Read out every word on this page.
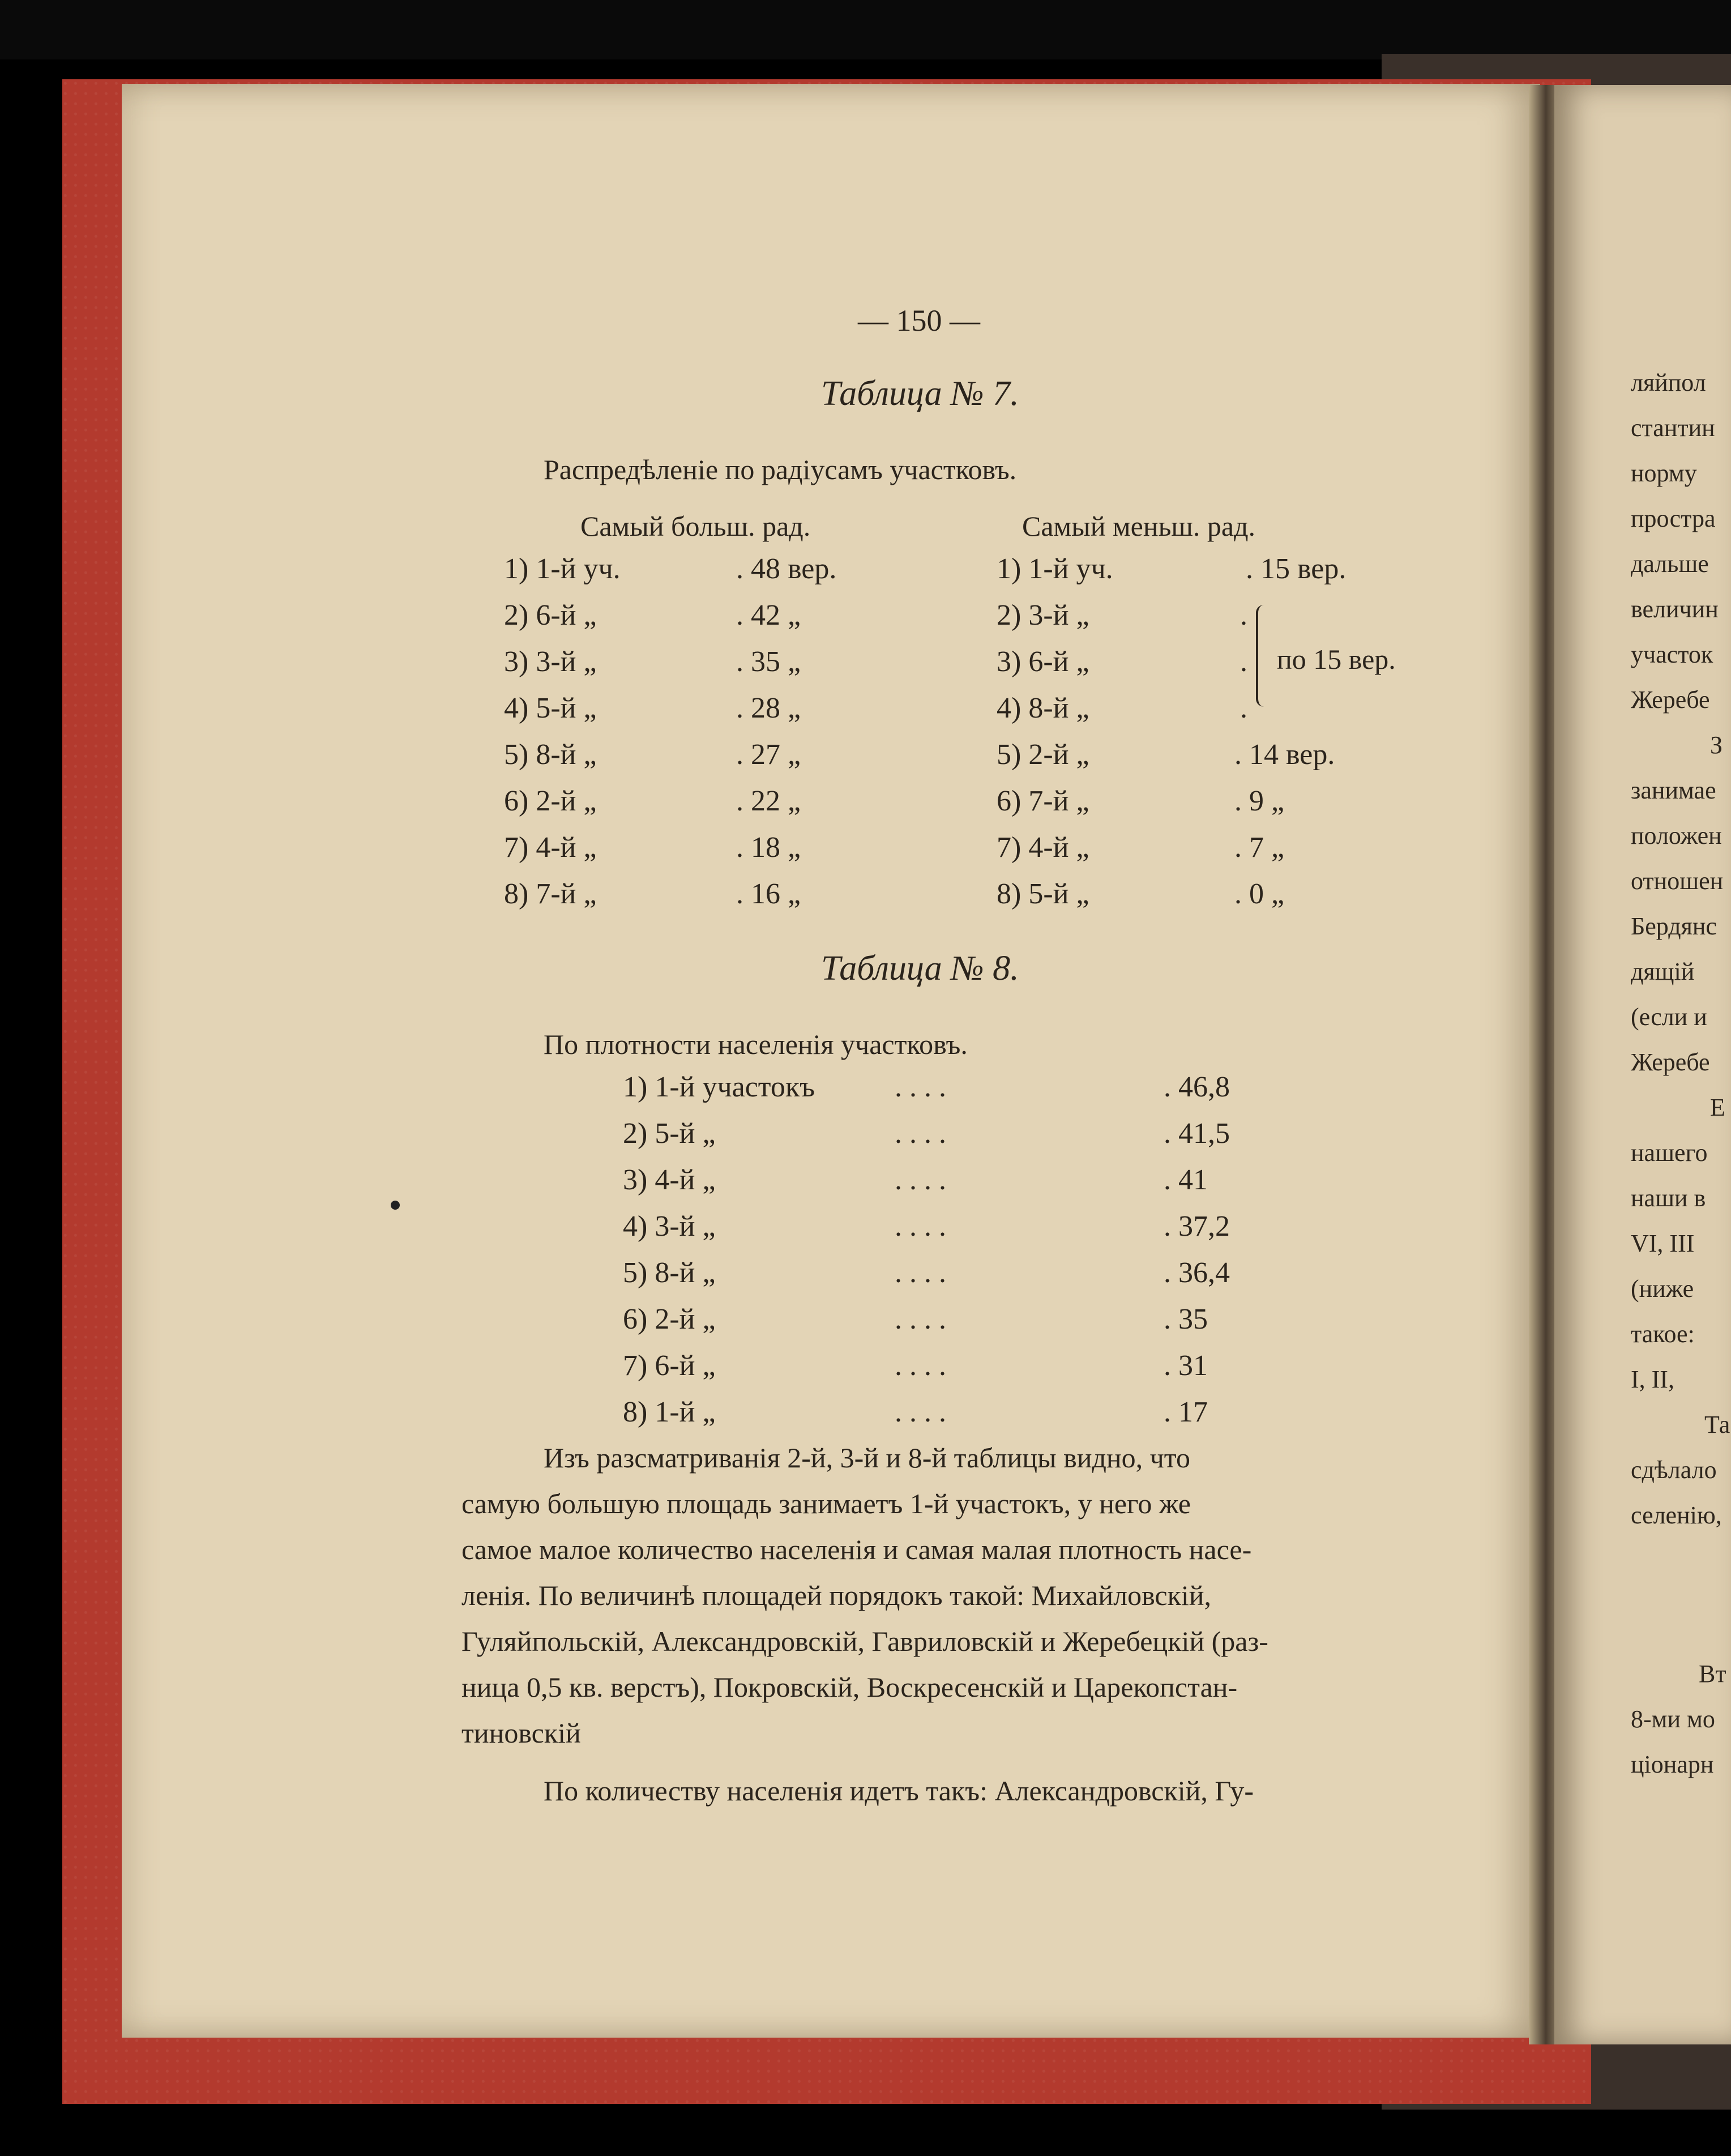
— 150 —
Таблица № 7.
Распредѣленіе по радіусамъ участковъ.
Самый больш. рад.	Самый меньш. рад.
1) 1-й уч.	. 48 вер.	1) 1-й уч.	. 15 вер.
2) 6-й „	. 42 „	2) 3-й „	.
3) 3-й „	. 35 „	3) 6-й „	.
4) 5-й „	. 28 „	4) 8-й „	.
5) 8-й „	. 27 „	5) 2-й „	. 14 вер.
6) 2-й „	. 22 „	6) 7-й „	. 9 „
7) 4-й „	. 18 „	7) 4-й „	. 7 „
8) 7-й „	. 16 „	8) 5-й „	. 0 „
по 15 вер.
Таблица № 8.
По плотности населенія участковъ.
1) 1-й участокъ	. . . .	. 46,8
2) 5-й „	. . . .	. 41,5
3) 4-й „	. . . .	. 41
4) 3-й „	. . . .	. 37,2
5) 8-й „	. . . .	. 36,4
6) 2-й „	. . . .	. 35
7) 6-й „	. . . .	. 31
8) 1-й „	. . . .	. 17
Изъ разсматриванія 2-й, 3-й и 8-й таблицы видно, что
самую большую площадь занимаетъ 1-й участокъ, у него же
самое малое количество населенія и самая малая плотность насе-
ленія. По величинѣ площадей порядокъ такой: Михайловскій,
Гуляйпольскій, Александровскій, Гавриловскій и Жеребецкій (раз-
ница 0,5 кв. верстъ), Покровскій, Воскресенскій и Царекопстан-
тиновскій
По количеству населенія идетъ такъ: Александровскій, Гу-
ляйпол
стантин
норму
простра
дальше
величин
участок
Жеребе
З
занимае
положен
отношен
Бердянс
дящій
(если и
Жеребе
Е
нашего
наши в
VI, III
(ниже
такое:
I, II,
Та
сдѣлало
селенію,
Вт
8-ми мо
ціонарн
